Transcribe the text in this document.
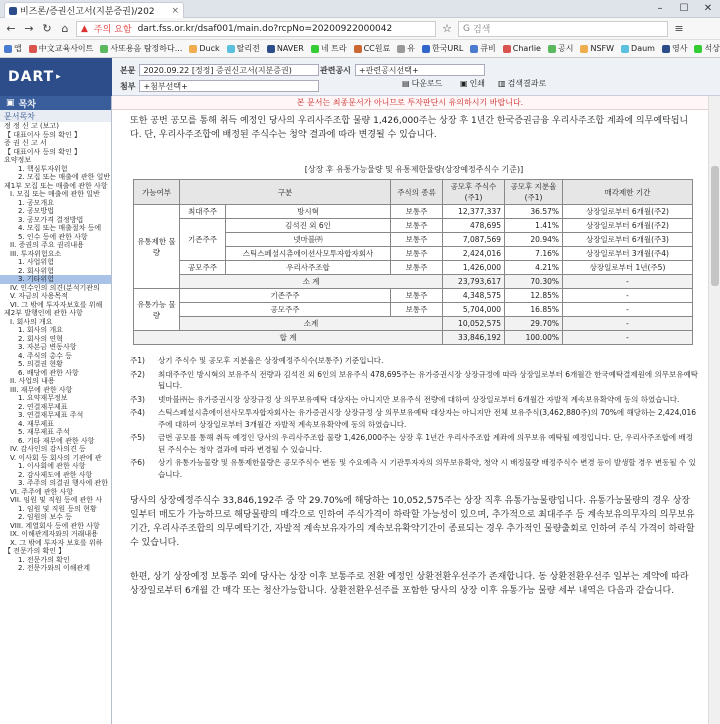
비즈론/증권신고서(지분증권)/202 ×	–	☐	✕
← → ↻ ⌂	▲ 주의 요함 dart.fss.or.kr/dsaf001/main.do?rcpNo=20200922000042	☆ G 검색	≡
앱 中文교육사이트 사또용음 탐정하다... Duck 탈리전 NAVER 네 트라 CC원료 유 한국URL 큐비 Charlie 공시 NSFW Daum 영사 석상
DART ▸
본문 2020.09.22 [정정] 증권신고서(지분증권)
첨부 +첨부선택+
관련공시 +관련공시선택+
▤ 다운로드 ▣ 인쇄 ▥ 검색결과로
▣ 목차
문서목차
정 정 신 고 (보고)
【 대표이사 등의 확인 】
증 권 신 고 서
【 대표이사 등의 확인 】
요약정보
1. 핵심투자위험
2. 모집 또는 매출에 관한 일반
제1부 모집 또는 매출에 관한 사항
I. 모집 또는 매출에 관한 일반
1. 공모개요
2. 공모방법
3. 공모가격 결정방법
4. 모집 또는 매출절차 등에
5. 인수 등에 관한 사항
II. 증권의 주요 권리내용
III. 투자위험요소
1. 사업위험
2. 회사위험
3. 기타위험
IV. 인수인의 의견(분석기관의
V. 자금의 사용목적
VI. 그 밖에 투자자보호를 위해
제2부 발행인에 관한 사항
I. 회사의 개요
1. 회사의 개요
2. 회사의 연혁
3. 자본금 변동사항
4. 주식의 총수 등
5. 의결권 현황
6. 배당에 관한 사항
II. 사업의 내용
III. 재무에 관한 사항
1. 요약재무정보
2. 연결재무제표
3. 연결재무제표 주석
4. 재무제표
5. 재무제표 주석
6. 기타 재무에 관한 사항
IV. 감사인의 감사의견 등
V. 이사회 등 회사의 기관에 관
1. 이사회에 관한 사항
2. 감사제도에 관한 사항
3. 주주의 의결권 행사에 관한
VI. 주주에 관한 사항
VII. 임원 및 직원 등에 관한 사
1. 임원 및 직원 등의 현황
2. 임원의 보수 등
VIII. 계열회사 등에 관한 사항
IX. 이해관계자와의 거래내용
X. 그 밖에 투자자 보호를 위하
【 전문가의 확인 】
1. 전문가의 확인
2. 전문가와의 이해관계
본 문서는 최종문서가 아니므로 투자판단시 유의하시기 바랍니다.

또한 공번 공모를 통해 취득 예정인 당사의 우리사주조합 물량 1,426,000주는 상장 후 1년간 한국증권금융 우리사주조합 계좌에 의무예탁됩니다. 단, 우리사주조합에 배정된 주식수는 청약 결과에 따라 변경될 수 있습니다.

[상장 후 유통가능물량 및 유통제한물량(상장예정주식수 기준)]
가능여부	구분		주식의 종류	공모후 주식수 (주1)	공모후 지분율 (주1)	매각제한 기간
유통제한 물량	최대주주	방시혁	보통주	12,377,337	36.57%	상장일로부터 6개월(주2)
	기존주주	김석진 외 6인	보통주	478,695	1.41%	상장일로부터 6개월(주2)
		넷마블㈜	보통주	7,087,569	20.94%	상장일로부터 6개월(주3)
		스틱스페셜시츄에이션사모투자합자회사	보통주	2,424,016	7.16%	상장일로부터 3개월(주4)
	공모주주	우리사주조합	보통주	1,426,000	4.21%	상장일로부터 1년(주5)
	소 계			23,793,617	70.30%	-
유통가능 물량	기존주주		보통주	4,348,575	12.85%	-
	공모주주		보통주	5,704,000	16.85%	-
	소계			10,052,575	29.70%	-
합 계				33,846,192	100.00%	-
주1)	상기 주식수 및 공모후 지분율은 상장예정주식수(보통주) 기준입니다.
주2)	최대주주인 방시혁의 보유주식 전량과 김석진 외 6인의 보유주식 478,695주는 유가증권시장 상장규정에 따라 상장일로부터 6개월간 한국예탁결제원에 의무보유예탁됩니다.
주3)	넷마블㈜는 유가증권시장 상장규정 상 의무보유예탁 대상자는 아니지만 보유주식 전량에 대하여 상장일로부터 6개월간 자발적 계속보유확약에 동의 하였습니다.
주4)	스틱스페셜시츄에이션사모투자합자회사는 유가증권시장 상장규정 상 의무보유예탁 대상자는 아니지만 전체 보유주식(3,462,880주)의 70%에 해당하는 2,424,016주에 대하여 상장일로부터 3개월간 자발적 계속보유확약에 동의 하였습니다.
주5)	금번 공모를 통해 취득 예정인 당사의 우리사주조합 물량 1,426,000주는 상장 후 1년간 우리사주조합 계좌에 의무보유 예탁될 예정입니다. 단, 우리사주조합에 배정된 주식수는 청약 결과에 따라 변경될 수 있습니다.
주6)	상기 유통가능물량 및 유통제한물량은 공모주식수 변동 및 수요예측 시 기관투자자의 의무보유확약, 청약 시 배정물량 배정주식수 변경 등이 발생할 경우 변동될 수 있습니다.

당사의 상장예정주식수 33,846,192주 중 약 29.70%에 해당하는 10,052,575주는 상장 직후 유통가능물량입니다. 유통가능물량의 경우 상장일부터 매도가 가능하므로 해당물량의 매각으로 인하여 주식가격이 하락할 가능성이 있으며, 추가적으로 최대주주 등 계속보유의무자의 의무보유기간, 우리사주조합의 의무예탁기간, 자발적 계속보유자가의 계속보유확약기간이 종료되는 경우 추가적인 물량출회로 인하여 주식 가격이 하락할 수 있습니다.

한편, 상기 상장예정 보통주 외에 당사는 상장 이후 보통주로 전환 예정인 상환전환우선주가 존재합니다. 동 상환전환우선주 일부는 계약에 따라 상장일로부터 6개월 간 매각 또는 청산가능합니다. 상환전환우선주를 포함한 당사의 상장 이후 유통가능 물량 세부 내역은 다음과 같습니다.
